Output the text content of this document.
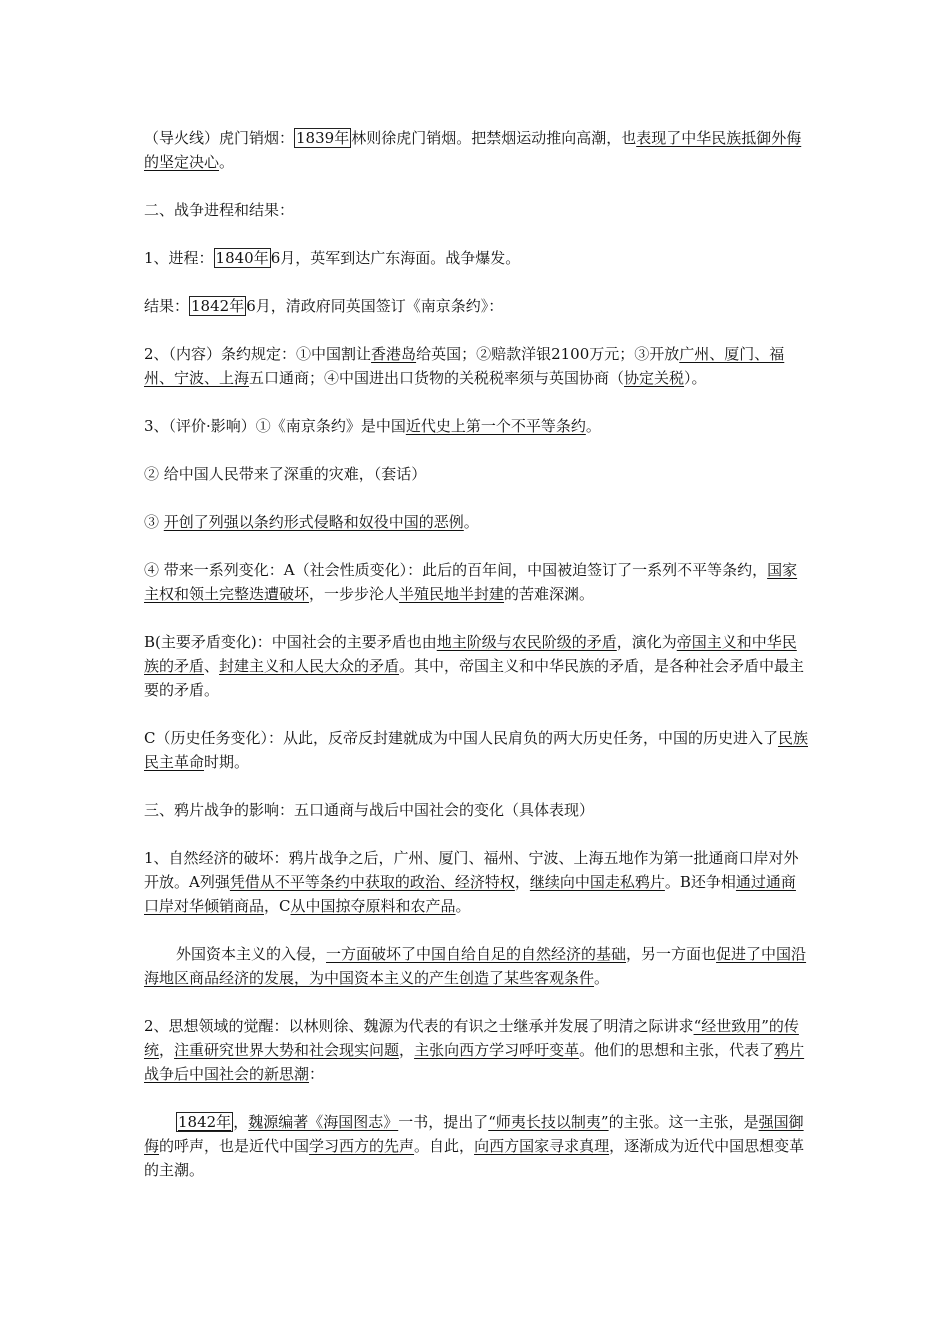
（导火线）虎门销烟： 1839年 林则徐虎门销烟。把禁烟运动推向高潮，也表现了中华民族抵御外侮的坚定决心。

二、战争进程和结果：

1、进程： 1840年 6月，英军到达广东海面。战争爆发。

结果： 1842年 6月，清政府同英国签订《南京条约》：

2、（内容）条约规定：①中国割让香港岛给英国；②赔款洋银2100万元；③开放广州、厦门、福州、宁波、上海五口通商；④中国进出口货物的关税税率须与英国协商（协定关税）。

3、（评价·影响）①《南京条约》是中国近代史上第一个不平等条约。

② 给中国人民带来了深重的灾难，（套话）

③ 开创了列强以条约形式侵略和奴役中国的恶例。

④ 带来一系列变化：A（社会性质变化）：此后的百年间，中国被迫签订了一系列不平等条约，国家主权和领土完整迭遭破坏，一步步沦人半殖民地半封建的苦难深渊。

B(主要矛盾变化)：中国社会的主要矛盾也由地主阶级与农民阶级的矛盾，演化为帝国主义和中华民族的矛盾、封建主义和人民大众的矛盾。其中，帝国主义和中华民族的矛盾，是各种社会矛盾中最主要的矛盾。

C（历史任务变化）：从此，反帝反封建就成为中国人民肩负的两大历史任务，中国的历史进入了民族民主革命时期。

三、鸦片战争的影响：五口通商与战后中国社会的变化（具体表现）

1、自然经济的破坏：鸦片战争之后，广州、厦门、福州、宁波、上海五地作为第一批通商口岸对外开放。A列强凭借从不平等条约中获取的政治、经济特权，继续向中国走私鸦片。B还争相通过通商口岸对华倾销商品，C从中国掠夺原料和农产品。

外国资本主义的入侵，一方面破坏了中国自给自足的自然经济的基础，另一方面也促进了中国沿海地区商品经济的发展，为中国资本主义的产生创造了某些客观条件。

2、思想领域的觉醒：以林则徐、魏源为代表的有识之士继承并发展了明清之际讲求“经世致用”的传统，注重研究世界大势和社会现实问题，主张向西方学习呼吁变革。他们的思想和主张，代表了鸦片战争后中国社会的新思潮：

1842年 ，魏源编著《海国图志》一书，提出了“师夷长技以制夷”的主张。这一主张，是强国御侮的呼声，也是近代中国学习西方的先声。自此，向西方国家寻求真理，逐渐成为近代中国思想变革的主潮。
